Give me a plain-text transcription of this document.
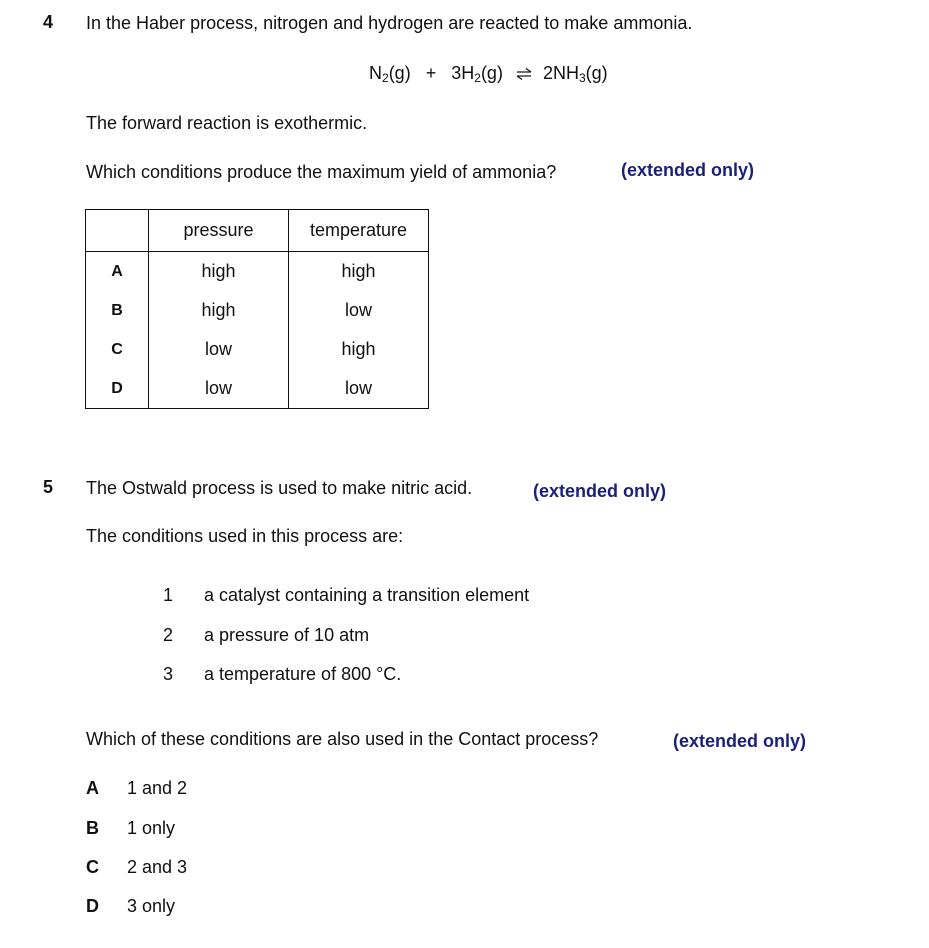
4 In the Haber process, nitrogen and hydrogen are reacted to make ammonia.
$N_2(g) + 3H_2(g)$ ⇌ $2NH_3(g)$
The forward reaction is exothermic.
Which conditions produce the maximum yield of ammonia?	(extended only)
	pressure	temperature
A	high	high
B	high	low
C	low	high
D	low	low
5 The Ostwald process is used to make nitric acid.	(extended only)
The conditions used in this process are:
1 a catalyst containing a transition element
2 a pressure of 10 atm
3 a temperature of 800 °C.
Which of these conditions are also used in the Contact process?	(extended only)
A 1 and 2
B 1 only
C 2 and 3
D 3 only
